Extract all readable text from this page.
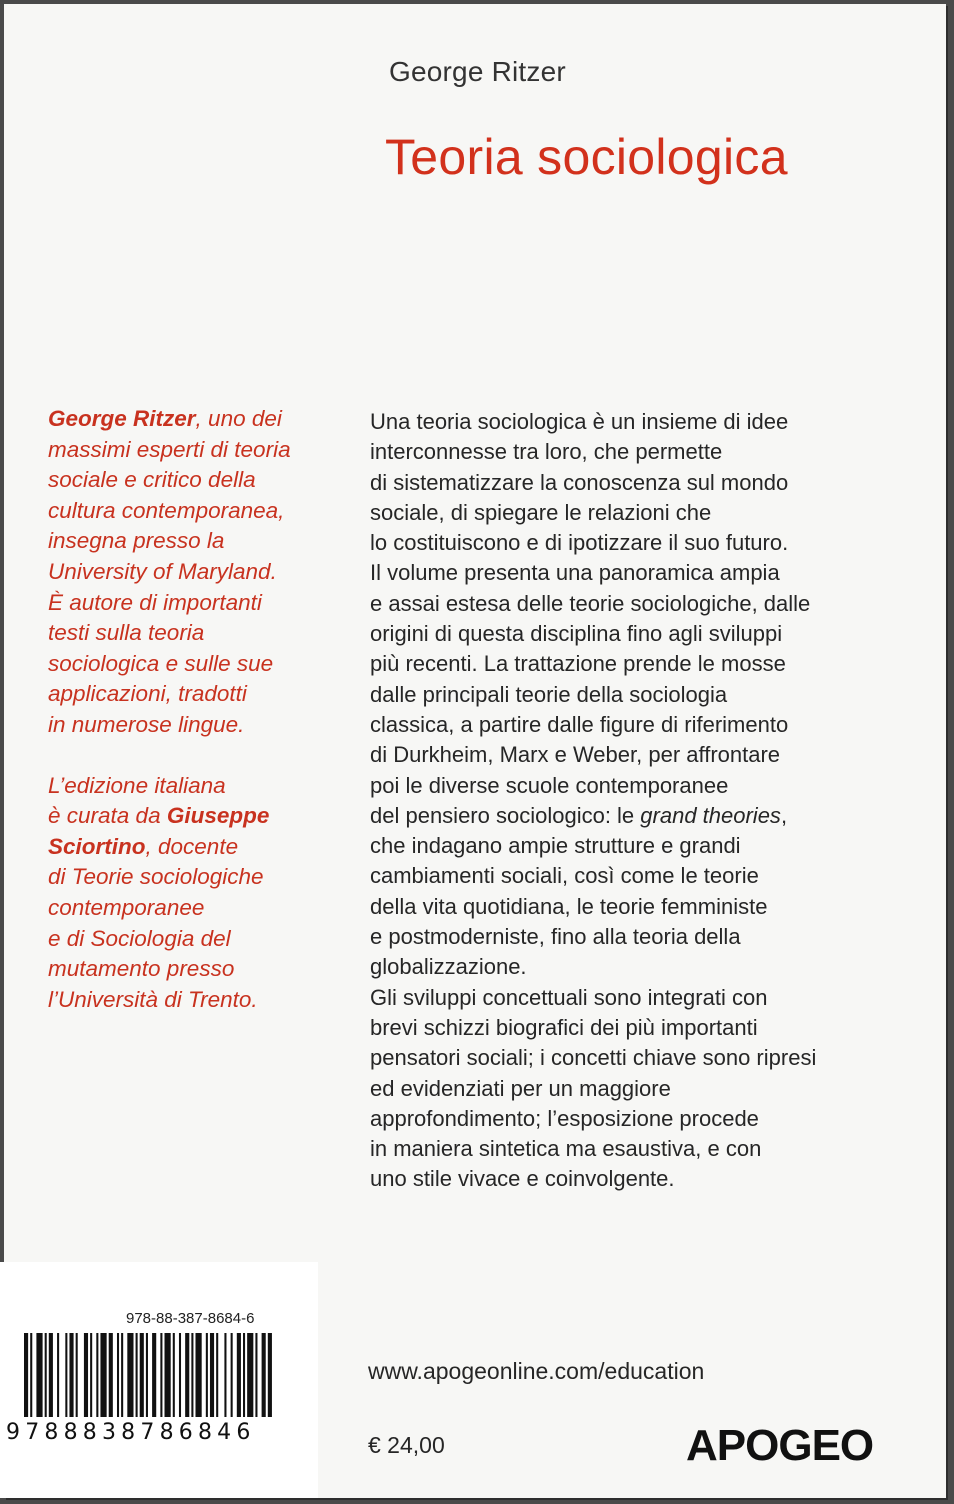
George Ritzer
Teoria sociologica

George Ritzer, uno dei
massimi esperti di teoria
sociale e critico della
cultura contemporanea,
insegna presso la
University of Maryland.
È autore di importanti
testi sulla teoria
sociologica e sulle sue
applicazioni, tradotti
in numerose lingue.

L’edizione italiana
è curata da Giuseppe
Sciortino, docente
di Teorie sociologiche
contemporanee
e di Sociologia del
mutamento presso
l’Università di Trento.

Una teoria sociologica è un insieme di idee
interconnesse tra loro, che permette
di sistematizzare la conoscenza sul mondo
sociale, di spiegare le relazioni che
lo costituiscono e di ipotizzare il suo futuro.
Il volume presenta una panoramica ampia
e assai estesa delle teorie sociologiche, dalle
origini di questa disciplina fino agli sviluppi
più recenti. La trattazione prende le mosse
dalle principali teorie della sociologia
classica, a partire dalle figure di riferimento
di Durkheim, Marx e Weber, per affrontare
poi le diverse scuole contemporanee
del pensiero sociologico: le grand theories,
che indagano ampie strutture e grandi
cambiamenti sociali, così come le teorie
della vita quotidiana, le teorie femministe
e postmoderniste, fino alla teoria della
globalizzazione.
Gli sviluppi concettuali sono integrati con
brevi schizzi biografici dei più importanti
pensatori sociali; i concetti chiave sono ripresi
ed evidenziati per un maggiore
approfondimento; l’esposizione procede
in maniera sintetica ma esaustiva, e con
uno stile vivace e coinvolgente.
978-88-387-8684-6
9788838786846
www.apogeonline.com/education
€ 24,00	APOGEO
